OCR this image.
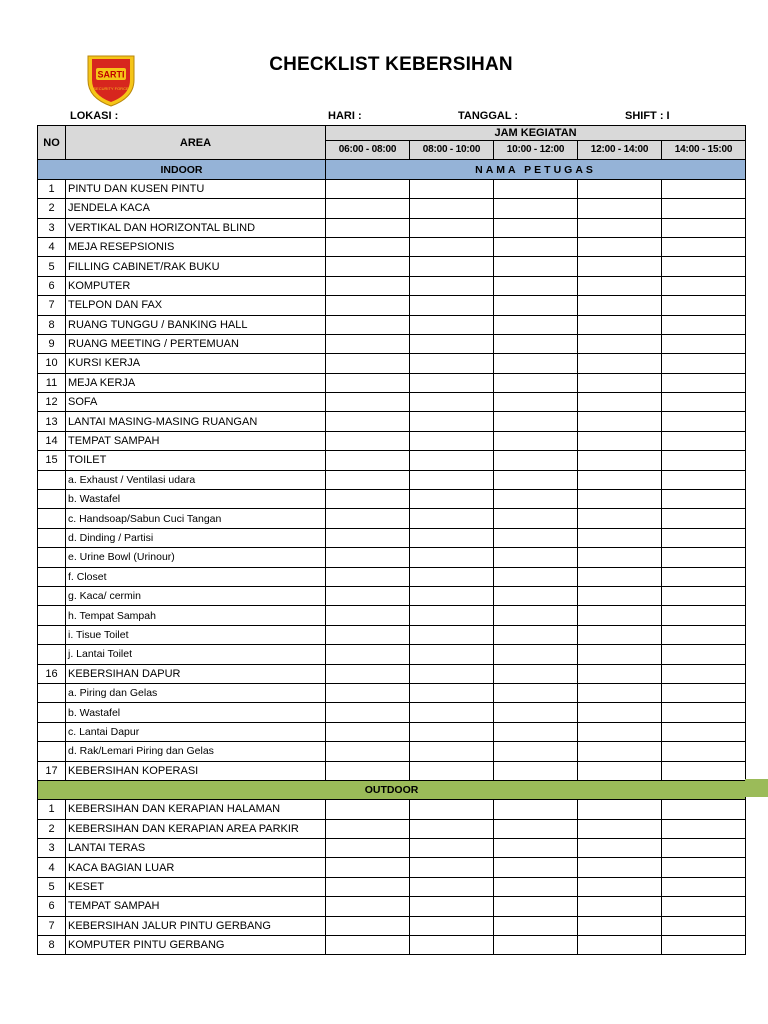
SARTI
SECURITY FORCE
CHECKLIST KEBERSIHAN
LOKASI :	HARI :	TANGGAL :	SHIFT : I
NO	AREA	JAM KEGIATAN				
		06:00 - 08:00	08:00 - 10:00	10:00 - 12:00	12:00 - 14:00	14:00 - 15:00
INDOOR		NAMA PETUGAS				
1	PINTU DAN KUSEN PINTU					
2	JENDELA KACA					
3	VERTIKAL DAN HORIZONTAL BLIND					
4	MEJA RESEPSIONIS					
5	FILLING CABINET/RAK BUKU					
6	KOMPUTER					
7	TELPON DAN FAX					
8	RUANG TUNGGU / BANKING HALL					
9	RUANG MEETING / PERTEMUAN					
10	KURSI KERJA					
11	MEJA KERJA					
12	SOFA					
13	LANTAI MASING-MASING RUANGAN					
14	TEMPAT SAMPAH					
15	TOILET					
	a. Exhaust / Ventilasi udara					
	b. Wastafel					
	c. Handsoap/Sabun Cuci Tangan					
	d. Dinding / Partisi					
	e. Urine Bowl (Urinour)					
	f. Closet					
	g. Kaca/ cermin					
	h. Tempat Sampah					
	i. Tisue Toilet					
	j. Lantai Toilet					
16	KEBERSIHAN DAPUR					
	a. Piring dan Gelas					
	b. Wastafel					
	c. Lantai Dapur					
	d. Rak/Lemari Piring dan Gelas					
17	KEBERSIHAN KOPERASI					
OUTDOOR						
1	KEBERSIHAN DAN KERAPIAN HALAMAN					
2	KEBERSIHAN DAN KERAPIAN AREA PARKIR					
3	LANTAI TERAS					
4	KACA BAGIAN LUAR					
5	KESET					
6	TEMPAT SAMPAH					
7	KEBERSIHAN JALUR PINTU GERBANG					
8	KOMPUTER PINTU GERBANG					
